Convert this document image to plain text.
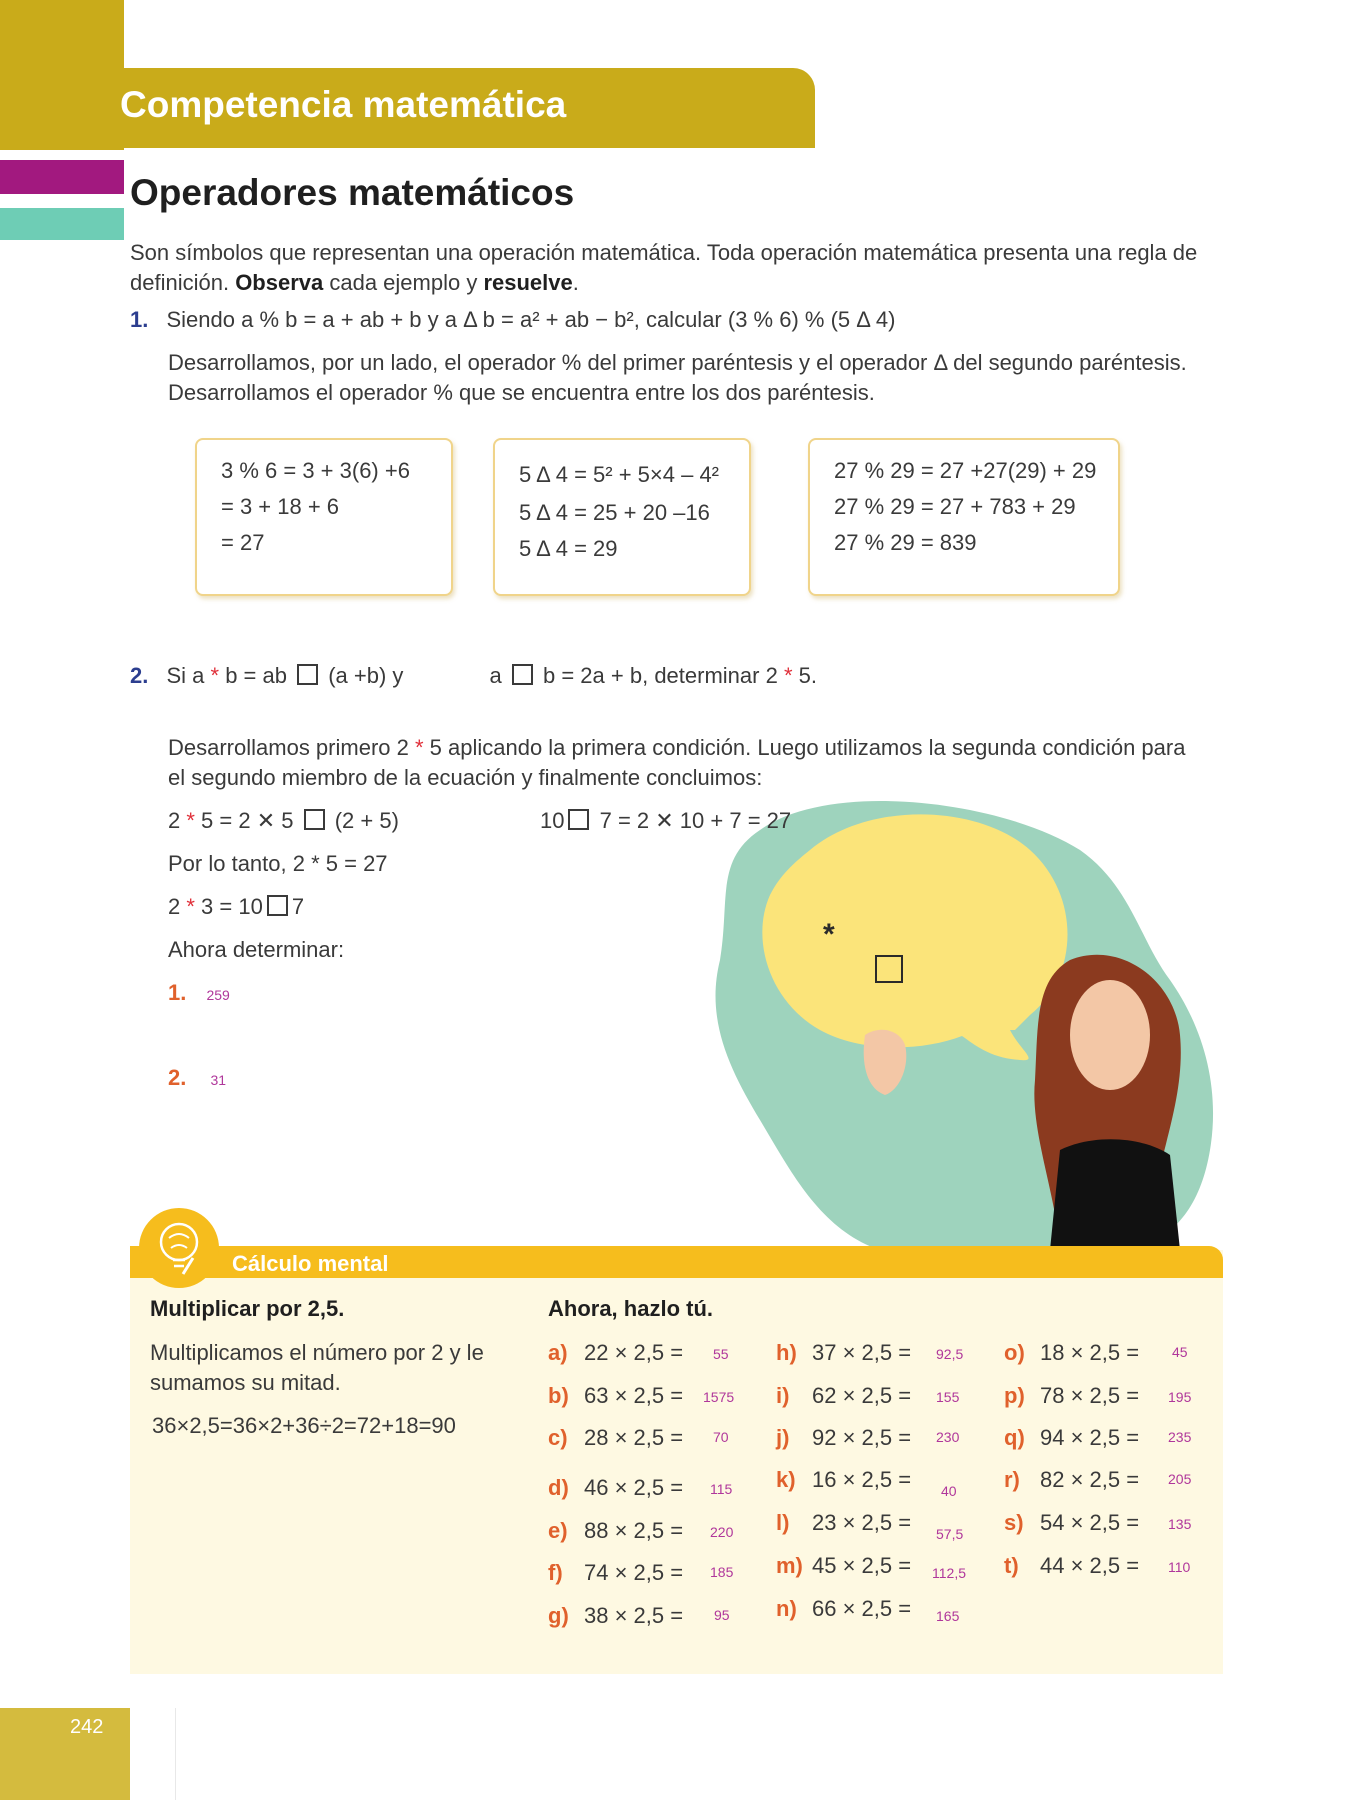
Competencia matemática
Operadores matemáticos
Son símbolos que representan una operación matemática. Toda operación matemática presenta una regla de
definición. Observa cada ejemplo y resuelve.
1. Siendo a % b = a + ab + b y a Δ b = a² + ab − b², calcular (3 % 6) % (5 Δ 4)
Desarrollamos, por un lado, el operador % del primer paréntesis y el operador Δ del segundo paréntesis.
Desarrollamos el operador % que se encuentra entre los dos paréntesis.
3 % 6 = 3 + 3(6) +6
= 3 + 18 + 6
= 27
5 Δ 4 = 5² + 5×4 – 4²
5 Δ 4 = 25 + 20 –16
5 Δ 4 = 29
27 % 29 = 27 +27(29) + 29
27 % 29 = 27 + 783 + 29
27 % 29 = 839
*
2. Si a * b = ab  (a +b) y	a  b = 2a + b, determinar 2 * 5.
Desarrollamos primero 2 * 5 aplicando la primera condición. Luego utilizamos la segunda condición para
el segundo miembro de la ecuación y finalmente concluimos:
2 * 5 = 2 ✕ 5  (2 + 5)	10 7 = 2 ✕ 10 + 7 = 27
Por lo tanto, 2 * 5 = 27
2 * 3 = 10 7
Ahora determinar:
1. 259
2. 31
Cálculo mental
Multiplicar por 2,5.
Multiplicamos el número por 2 y le
sumamos su mitad.
36×2,5=36×2+36÷2=72+18=90
Ahora, hazlo tú.
a) 22 × 2,5 = 55
b) 63 × 2,5 = 1575
c) 28 × 2,5 = 70
d) 46 × 2,5 = 115
e) 88 × 2,5 = 220
f) 74 × 2,5 = 185
g) 38 × 2,5 = 95
h) 37 × 2,5 = 92,5
i) 62 × 2,5 = 155
j) 92 × 2,5 = 230
k) 16 × 2,5 = 40
l) 23 × 2,5 = 57,5
m) 45 × 2,5 = 112,5
n) 66 × 2,5 = 165
o) 18 × 2,5 = 45
p) 78 × 2,5 = 195
q) 94 × 2,5 = 235
r) 82 × 2,5 = 205
s) 54 × 2,5 = 135
t) 44 × 2,5 = 110
242
